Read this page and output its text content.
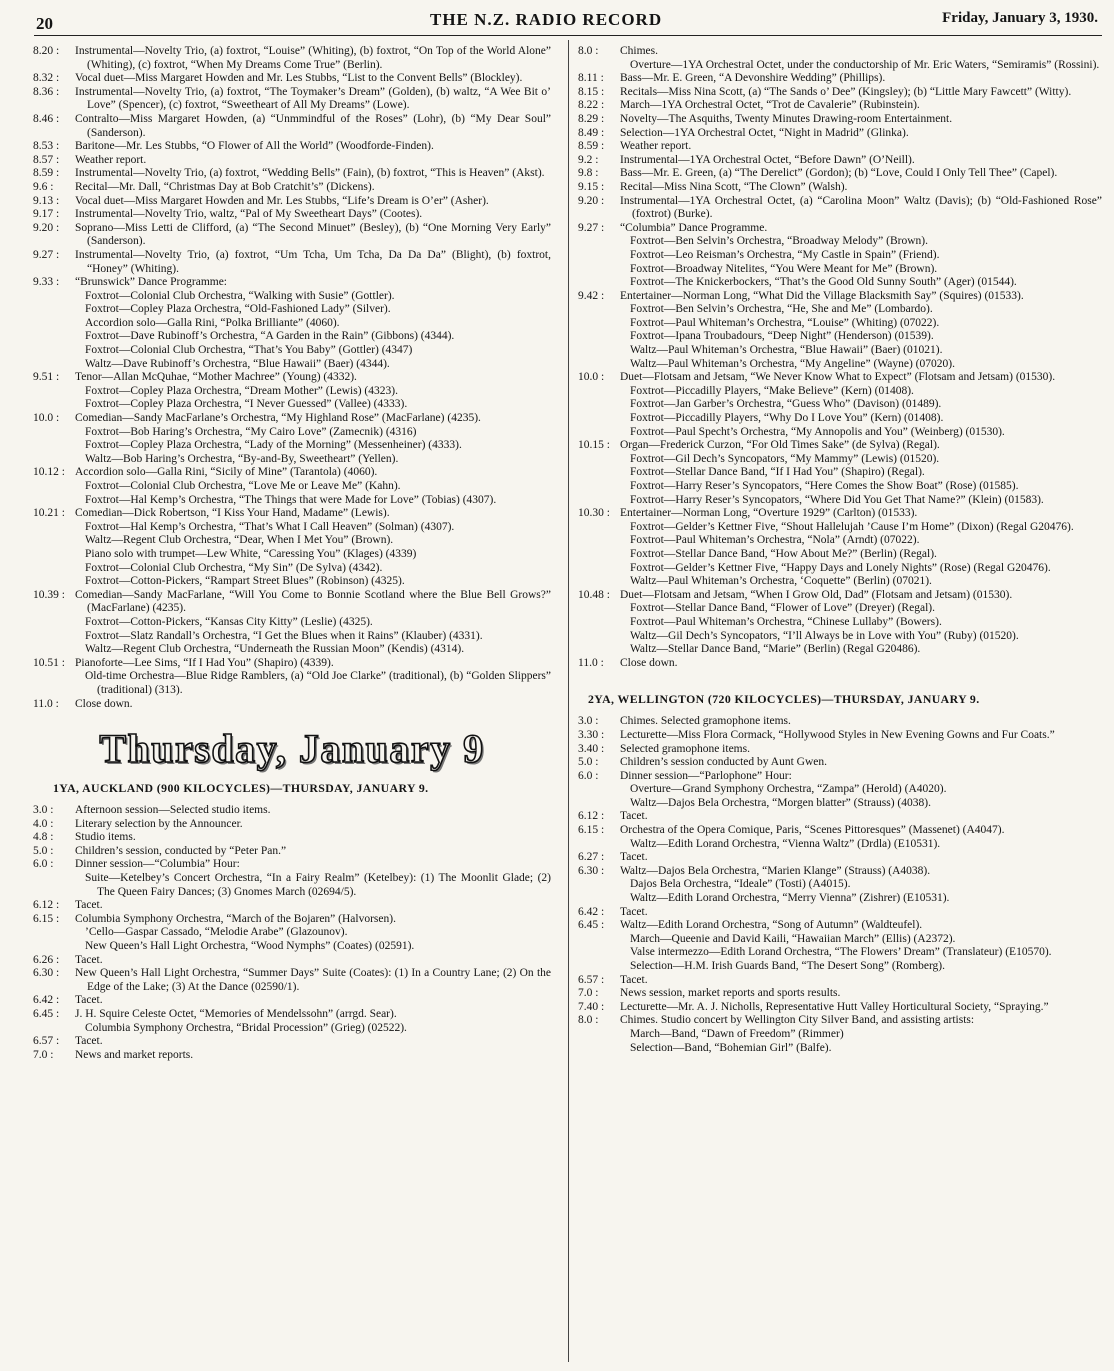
20	THE N.Z. RADIO RECORD	Friday, January 3, 1930.
8.20 :	Instrumental—Novelty Trio, (a) foxtrot, “Louise” (Whiting), (b) foxtrot, “On Top of the World Alone” (Whiting), (c) foxtrot, “When My Dreams Come True” (Berlin).
8.32 :	Vocal duet—Miss Margaret Howden and Mr. Les Stubbs, “List to the Convent Bells” (Blockley).
8.36 :	Instrumental—Novelty Trio, (a) foxtrot, “The Toymaker’s Dream” (Golden), (b) waltz, “A Wee Bit o’ Love” (Spencer), (c) foxtrot, “Sweetheart of All My Dreams” (Lowe).
8.46 :	Contralto—Miss Margaret Howden, (a) “Unmmindful of the Roses” (Lohr), (b) “My Dear Soul” (Sanderson).
8.53 :	Baritone—Mr. Les Stubbs, “O Flower of All the World” (Woodforde-Finden).
8.57 :	Weather report.
8.59 :	Instrumental—Novelty Trio, (a) foxtrot, “Wedding Bells” (Fain), (b) foxtrot, “This is Heaven” (Akst).
9.6 :	Recital—Mr. Dall, “Christmas Day at Bob Cratchit’s” (Dickens).
9.13 :	Vocal duet—Miss Margaret Howden and Mr. Les Stubbs, “Life’s Dream is O’er” (Asher).
9.17 :	Instrumental—Novelty Trio, waltz, “Pal of My Sweetheart Days” (Cootes).
9.20 :	Soprano—Miss Letti de Clifford, (a) “The Second Minuet” (Besley), (b) “One Morning Very Early” (Sanderson).
9.27 :	Instrumental—Novelty Trio, (a) foxtrot, “Um Tcha, Um Tcha, Da Da Da” (Blight), (b) foxtrot, “Honey” (Whiting).
9.33 :	“Brunswick” Dance Programme:
Foxtrot—Colonial Club Orchestra, “Walking with Susie” (Gottler).
Foxtrot—Copley Plaza Orchestra, “Old-Fashioned Lady” (Silver).
Accordion solo—Galla Rini, “Polka Brilliante” (4060).
Foxtrot—Dave Rubinoff’s Orchestra, “A Garden in the Rain” (Gibbons) (4344).
Foxtrot—Colonial Club Orchestra, “That’s You Baby” (Gottler) (4347)
Waltz—Dave Rubinoff’s Orchestra, “Blue Hawaii” (Baer) (4344).
9.51 :	Tenor—Allan McQuhae, “Mother Machree” (Young) (4332).
Foxtrot—Copley Plaza Orchestra, “Dream Mother” (Lewis) (4323).
Foxtrot—Copley Plaza Orchestra, “I Never Guessed” (Vallee) (4333).
10.0 :	Comedian—Sandy MacFarlane’s Orchestra, “My Highland Rose” (MacFarlane) (4235).
Foxtrot—Bob Haring’s Orchestra, “My Cairo Love” (Zamecnik) (4316)
Foxtrot—Copley Plaza Orchestra, “Lady of the Morning” (Messenheiner) (4333).
Waltz—Bob Haring’s Orchestra, “By-and-By, Sweetheart” (Yellen).
10.12 : Accordion solo—Galla Rini, “Sicily of Mine” (Tarantola) (4060).
Foxtrot—Colonial Club Orchestra, “Love Me or Leave Me” (Kahn).
Foxtrot—Hal Kemp’s Orchestra, “The Things that were Made for Love” (Tobias) (4307).
10.21 : Comedian—Dick Robertson, “I Kiss Your Hand, Madame” (Lewis).
Foxtrot—Hal Kemp’s Orchestra, “That’s What I Call Heaven” (Solman) (4307).
Waltz—Regent Club Orchestra, “Dear, When I Met You” (Brown).
Piano solo with trumpet—Lew White, “Caressing You” (Klages) (4339)
Foxtrot—Colonial Club Orchestra, “My Sin” (De Sylva) (4342).
Foxtrot—Cotton-Pickers, “Rampart Street Blues” (Robinson) (4325).
10.39 : Comedian—Sandy MacFarlane, “Will You Come to Bonnie Scotland where the Blue Bell Grows?” (MacFarlane) (4235).
Foxtrot—Cotton-Pickers, “Kansas City Kitty” (Leslie) (4325).
Foxtrot—Slatz Randall’s Orchestra, “I Get the Blues when it Rains” (Klauber) (4331).
Waltz—Regent Club Orchestra, “Underneath the Russian Moon” (Kendis) (4314).
10.51 : Pianoforte—Lee Sims, “If I Had You” (Shapiro) (4339).
Old-time Orchestra—Blue Ridge Ramblers, (a) “Old Joe Clarke” (traditional), (b) “Golden Slippers” (traditional) (313).
11.0 :	Close down.
Thursday, January 9
1YA, AUCKLAND (900 KILOCYCLES)—THURSDAY, JANUARY 9.
3.0 :	Afternoon session—Selected studio items.
4.0 :	Literary selection by the Announcer.
4.8 :	Studio items.
5.0 :	Children’s session, conducted by “Peter Pan.”
6.0 :	Dinner session—“Columbia” Hour:
Suite—Ketelbey’s Concert Orchestra, “In a Fairy Realm” (Ketelbey): (1) The Moonlit Glade; (2) The Queen Fairy Dances; (3) Gnomes March (02694/5).
6.12 :	Tacet.
6.15 :	Columbia Symphony Orchestra, “March of the Bojaren” (Halvorsen).
’Cello—Gaspar Cassado, “Melodie Arabe” (Glazounov).
New Queen’s Hall Light Orchestra, “Wood Nymphs” (Coates) (02591).
6.26 :	Tacet.
6.30 :	New Queen’s Hall Light Orchestra, “Summer Days” Suite (Coates): (1) In a Country Lane; (2) On the Edge of the Lake; (3) At the Dance (02590/1).
6.42 :	Tacet.
6.45 :	J. H. Squire Celeste Octet, “Memories of Mendelssohn” (arrgd. Sear).
Columbia Symphony Orchestra, “Bridal Procession” (Grieg) (02522).
6.57 :	Tacet.
7.0 :	News and market reports.
8.0 :	Chimes.
Overture—1YA Orchestral Octet, under the conductorship of Mr. Eric Waters, “Semiramis” (Rossini).
8.11 :	Bass—Mr. E. Green, “A Devonshire Wedding” (Phillips).
8.15 :	Recitals—Miss Nina Scott, (a) “The Sands o’ Dee” (Kingsley); (b) “Little Mary Fawcett” (Witty).
8.22 :	March—1YA Orchestral Octet, “Trot de Cavalerie” (Rubinstein).
8.29 :	Novelty—The Asquiths, Twenty Minutes Drawing-room Entertainment.
8.49 :	Selection—1YA Orchestral Octet, “Night in Madrid” (Glinka).
8.59 :	Weather report.
9.2 :	Instrumental—1YA Orchestral Octet, “Before Dawn” (O’Neill).
9.8 :	Bass—Mr. E. Green, (a) “The Derelict” (Gordon); (b) “Love, Could I Only Tell Thee” (Capel).
9.15 :	Recital—Miss Nina Scott, “The Clown” (Walsh).
9.20 :	Instrumental—1YA Orchestral Octet, (a) “Carolina Moon” Waltz (Davis); (b) “Old-Fashioned Rose” (foxtrot) (Burke).
9.27 :	“Columbia” Dance Programme.
Foxtrot—Ben Selvin’s Orchestra, “Broadway Melody” (Brown).
Foxtrot—Leo Reisman’s Orchestra, “My Castle in Spain” (Friend).
Foxtrot—Broadway Nitelites, “You Were Meant for Me” (Brown).
Foxtrot—The Knickerbockers, “That’s the Good Old Sunny South” (Ager) (01544).
9.42 :	Entertainer—Norman Long, “What Did the Village Blacksmith Say” (Squires) (01533).
Foxtrot—Ben Selvin’s Orchestra, “He, She and Me” (Lombardo).
Foxtrot—Paul Whiteman’s Orchestra, “Louise” (Whiting) (07022).
Foxtrot—Ipana Troubadours, “Deep Night” (Henderson) (01539).
Waltz—Paul Whiteman’s Orchestra, “Blue Hawaii” (Baer) (01021).
Waltz—Paul Whiteman’s Orchestra, “My Angeline” (Wayne) (07020).
10.0 :	Duet—Flotsam and Jetsam, “We Never Know What to Expect” (Flotsam and Jetsam) (01530).
Foxtrot—Piccadilly Players, “Make Believe” (Kern) (01408).
Foxtrot—Jan Garber’s Orchestra, “Guess Who” (Davison) (01489).
Foxtrot—Piccadilly Players, “Why Do I Love You” (Kern) (01408).
Foxtrot—Paul Specht’s Orchestra, “My Annopolis and You” (Weinberg) (01530).
10.15 : Organ—Frederick Curzon, “For Old Times Sake” (de Sylva) (Regal).
Foxtrot—Gil Dech’s Syncopators, “My Mammy” (Lewis) (01520).
Foxtrot—Stellar Dance Band, “If I Had You” (Shapiro) (Regal).
Foxtrot—Harry Reser’s Syncopators, “Here Comes the Show Boat” (Rose) (01585).
Foxtrot—Harry Reser’s Syncopators, “Where Did You Get That Name?” (Klein) (01583).
10.30 : Entertainer—Norman Long, “Overture 1929” (Carlton) (01533).
Foxtrot—Gelder’s Kettner Five, “Shout Hallelujah ’Cause I’m Home” (Dixon) (Regal G20476).
Foxtrot—Paul Whiteman’s Orchestra, “Nola” (Arndt) (07022).
Foxtrot—Stellar Dance Band, “How About Me?” (Berlin) (Regal).
Foxtrot—Gelder’s Kettner Five, “Happy Days and Lonely Nights” (Rose) (Regal G20476).
Waltz—Paul Whiteman’s Orchestra, ‘Coquette” (Berlin) (07021).
10.48 : Duet—Flotsam and Jetsam, “When I Grow Old, Dad” (Flotsam and Jetsam) (01530).
Foxtrot—Stellar Dance Band, “Flower of Love” (Dreyer) (Regal).
Foxtrot—Paul Whiteman’s Orchestra, “Chinese Lullaby” (Bowers).
Waltz—Gil Dech’s Syncopators, “I’ll Always be in Love with You” (Ruby) (01520).
Waltz—Stellar Dance Band, “Marie” (Berlin) (Regal G20486).
11.0 :	Close down.
2YA, WELLINGTON (720 KILOCYCLES)—THURSDAY, JANUARY 9.
3.0 :	Chimes. Selected gramophone items.
3.30 :	Lecturette—Miss Flora Cormack, “Hollywood Styles in New Evening Gowns and Fur Coats.”
3.40 :	Selected gramophone items.
5.0 :	Children’s session conducted by Aunt Gwen.
6.0 :	Dinner session—“Parlophone” Hour:
Overture—Grand Symphony Orchestra, “Zampa” (Herold) (A4020).
Waltz—Dajos Bela Orchestra, “Morgen blatter” (Strauss) (4038).
6.12 :	Tacet.
6.15 :	Orchestra of the Opera Comique, Paris, “Scenes Pittoresques” (Massenet) (A4047).
Waltz—Edith Lorand Orchestra, “Vienna Waltz” (Drdla) (E10531).
6.27 :	Tacet.
6.30 :	Waltz—Dajos Bela Orchestra, “Marien Klange” (Strauss) (A4038).
Dajos Bela Orchestra, “Ideale” (Tosti) (A4015).
Waltz—Edith Lorand Orchestra, “Merry Vienna” (Zishrer) (E10531).
6.42 :	Tacet.
6.45 :	Waltz—Edith Lorand Orchestra, “Song of Autumn” (Waldteufel).
March—Queenie and David Kaili, “Hawaiian March” (Ellis) (A2372).
Valse intermezzo—Edith Lorand Orchestra, “The Flowers’ Dream” (Translateur) (E10570).
Selection—H.M. Irish Guards Band, “The Desert Song” (Romberg).
6.57 :	Tacet.
7.0 :	News session, market reports and sports results.
7.40 :	Lecturette—Mr. A. J. Nicholls, Representative Hutt Valley Horticultural Society, “Spraying.”
8.0 :	Chimes. Studio concert by Wellington City Silver Band, and assisting artists:
March—Band, “Dawn of Freedom” (Rimmer)
Selection—Band, “Bohemian Girl” (Balfe).
